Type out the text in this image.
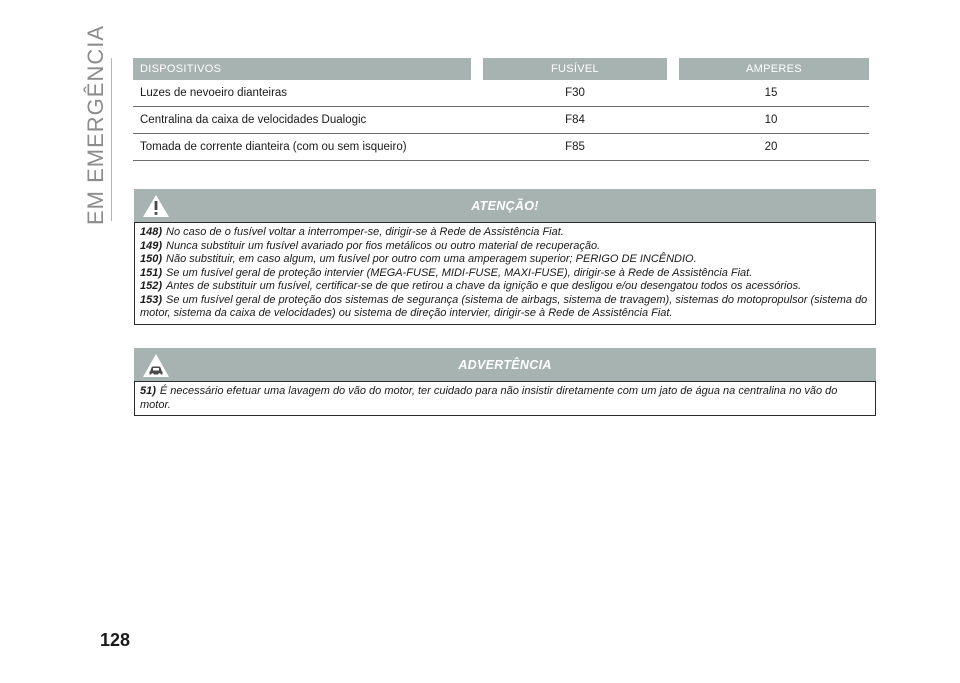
EM EMERGÊNCIA	DISPOSITIVOS	FUSÍVEL	AMPERES
Luzes de nevoeiro dianteiras	F30	15
Centralina da caixa de velocidades Dualogic	F84	10
Tomada de corrente dianteira (com ou sem isqueiro)	F85	20
ATENÇÃO!

148) No caso de o fusível voltar a interromper-se, dirigir-se à Rede de Assistência Fiat.

149) Nunca substituir um fusível avariado por fios metálicos ou outro material de recuperação.

150) Não substituir, em caso algum, um fusível por outro com uma amperagem superior; PERIGO DE INCÊNDIO.

151) Se um fusível geral de proteção intervier (MEGA-FUSE, MIDI-FUSE, MAXI-FUSE), dirigir-se à Rede de Assistência Fiat.

152) Antes de substituir um fusível, certificar-se de que retirou a chave da ignição e que desligou e/ou desengatou todos os acessórios.

153) Se um fusível geral de proteção dos sistemas de segurança (sistema de airbags, sistema de travagem), sistemas do motopropulsor (sistema do motor, sistema da caixa de velocidades) ou sistema de direção intervier, dirigir-se à Rede de Assistência Fiat.

ADVERTÊNCIA

51) É necessário efetuar uma lavagem do vão do motor, ter cuidado para não insistir diretamente com um jato de água na centralina no vão do motor.

128
